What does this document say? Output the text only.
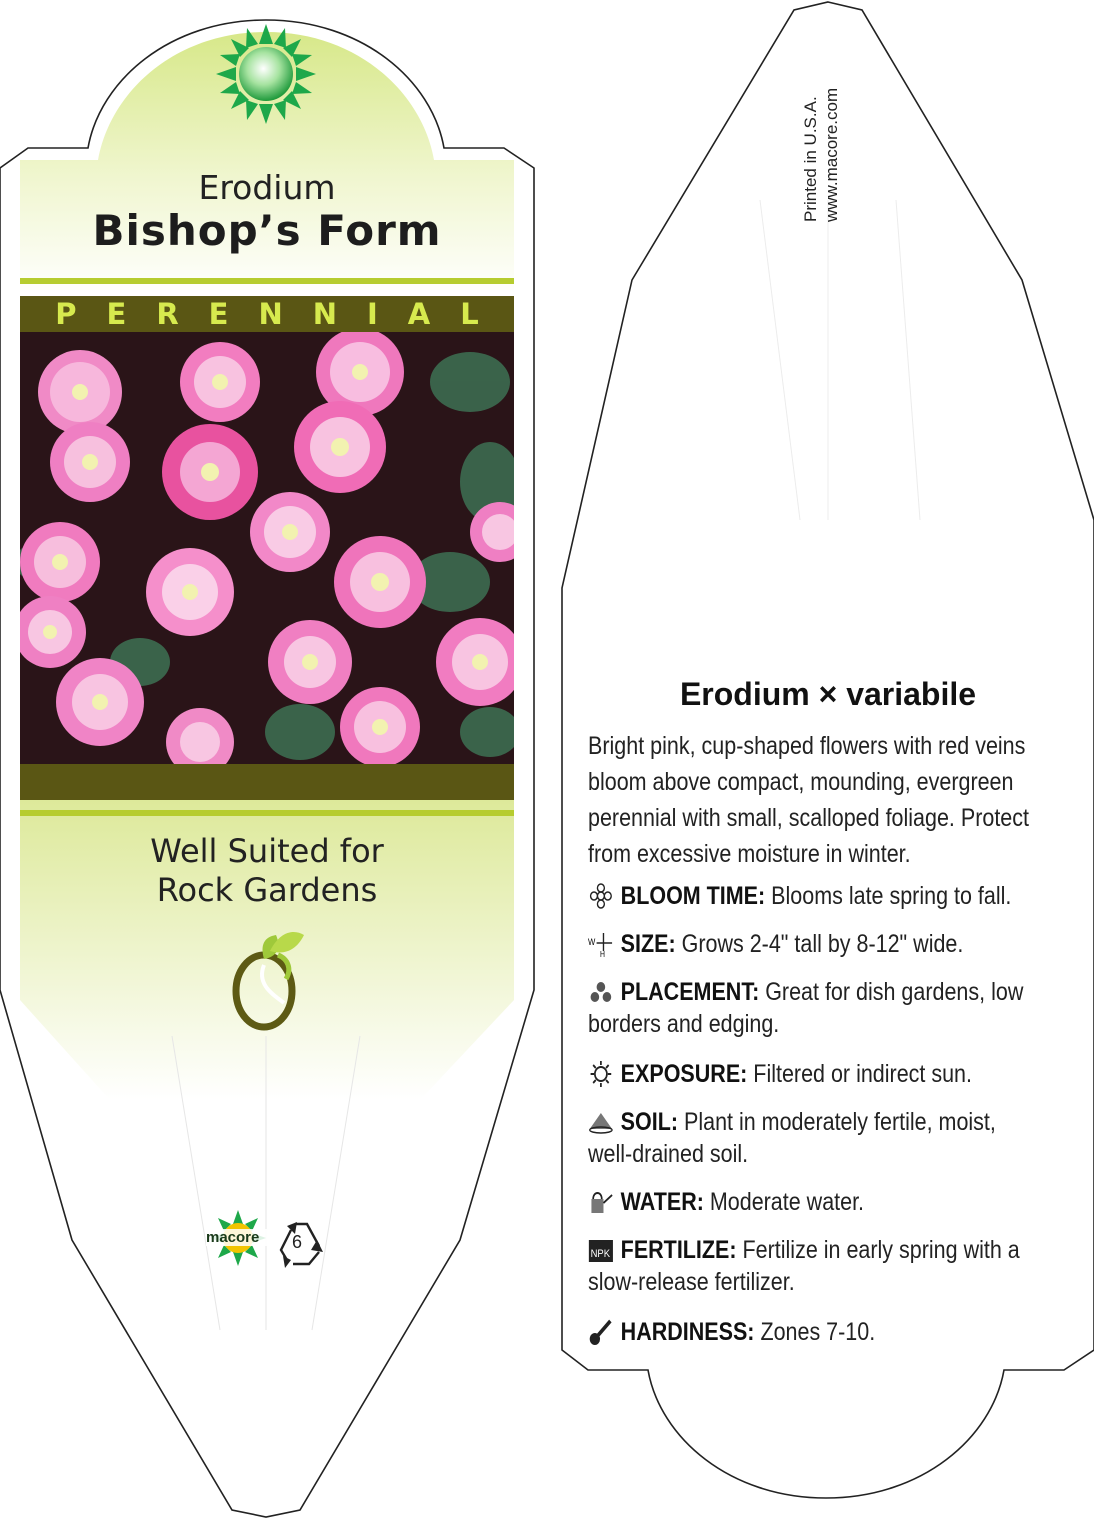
Erodium
Bishop’s Form
PERENNIAL
Well Suited for
Rock Gardens
macore 6
Printed in U.S.A. www.macore.com
Erodium × variabile
Bright pink, cup-shaped flowers with red veins bloom above compact, mounding, evergreen perennial with small, scalloped foliage. Protect from excessive moisture in winter.
BLOOM TIME: Blooms late spring to fall.
W
H SIZE: Grows 2-4" tall by 8-12" wide.
PLACEMENT: Great for dish gardens, low borders and edging.
EXPOSURE: Filtered or indirect sun.
SOIL: Plant in moderately fertile, moist, well-drained soil.
WATER: Moderate water.
NPK FERTILIZE: Fertilize in early spring with a slow-release fertilizer.
HARDINESS: Zones 7-10.
